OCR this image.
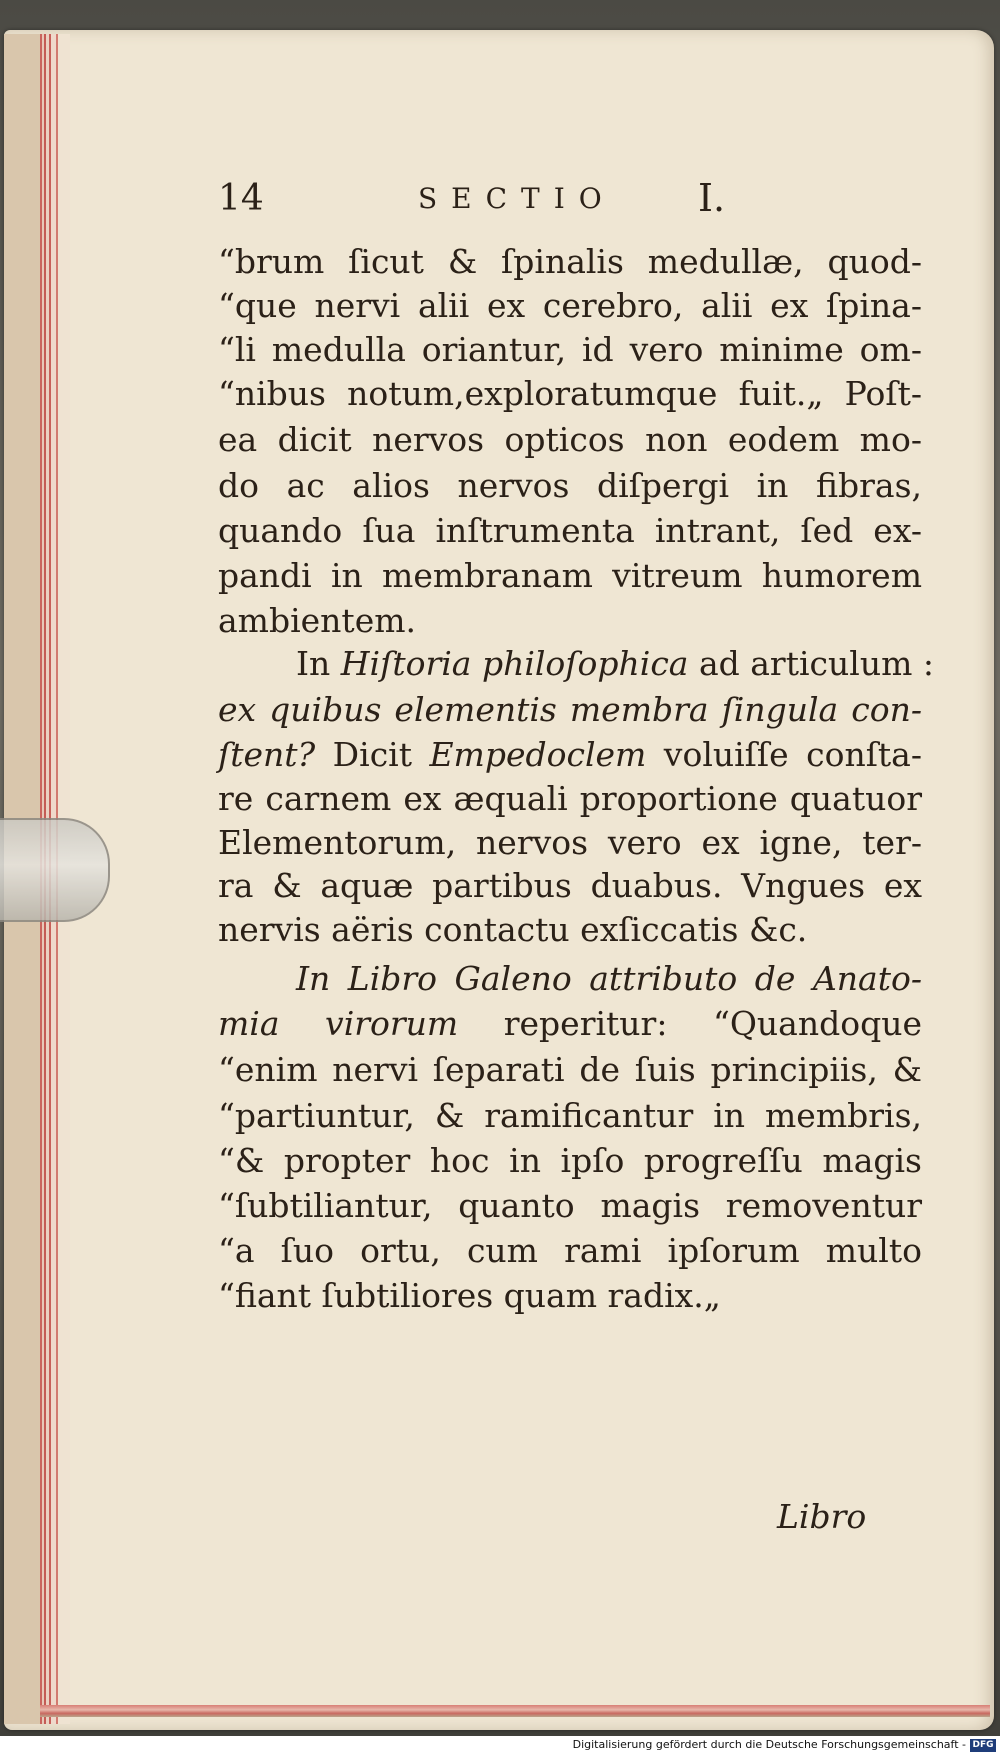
14	SECTIO I.
“brum ſicut & ſpinalis medullæ, quod-
“que nervi alii ex cerebro, alii ex ſpina-
“li medulla oriantur, id vero minime om-
“nibus notum,exploratumque fuit.„ Poſt-
ea dicit nervos opticos non eodem mo-
do ac alios nervos diſpergi in fibras,
quando ſua inſtrumenta intrant, ſed ex-
pandi in membranam vitreum humorem
ambientem.
In Hiſtoria philoſophica ad articulum :
ex quibus elementis membra ſingula con-
ſtent? Dicit Empedoclem voluiſſe conſta-
re carnem ex æquali proportione quatuor
Elementorum, nervos vero ex igne, ter-
ra & aquæ partibus duabus. Vngues ex
nervis aëris contactu exſiccatis &c.
In Libro Galeno attributo de Anato-
mia virorum reperitur: “Quandoque
“enim nervi ſeparati de ſuis principiis, &
“partiuntur, & ramificantur in membris,
“& propter hoc in ipſo progreſſu magis
“ſubtiliantur, quanto magis removentur
“a ſuo ortu, cum rami ipſorum multo
“fiant ſubtiliores quam radix.„
Libro
Digitalisierung gefördert durch die Deutsche Forschungsgemeinschaft - DFG
